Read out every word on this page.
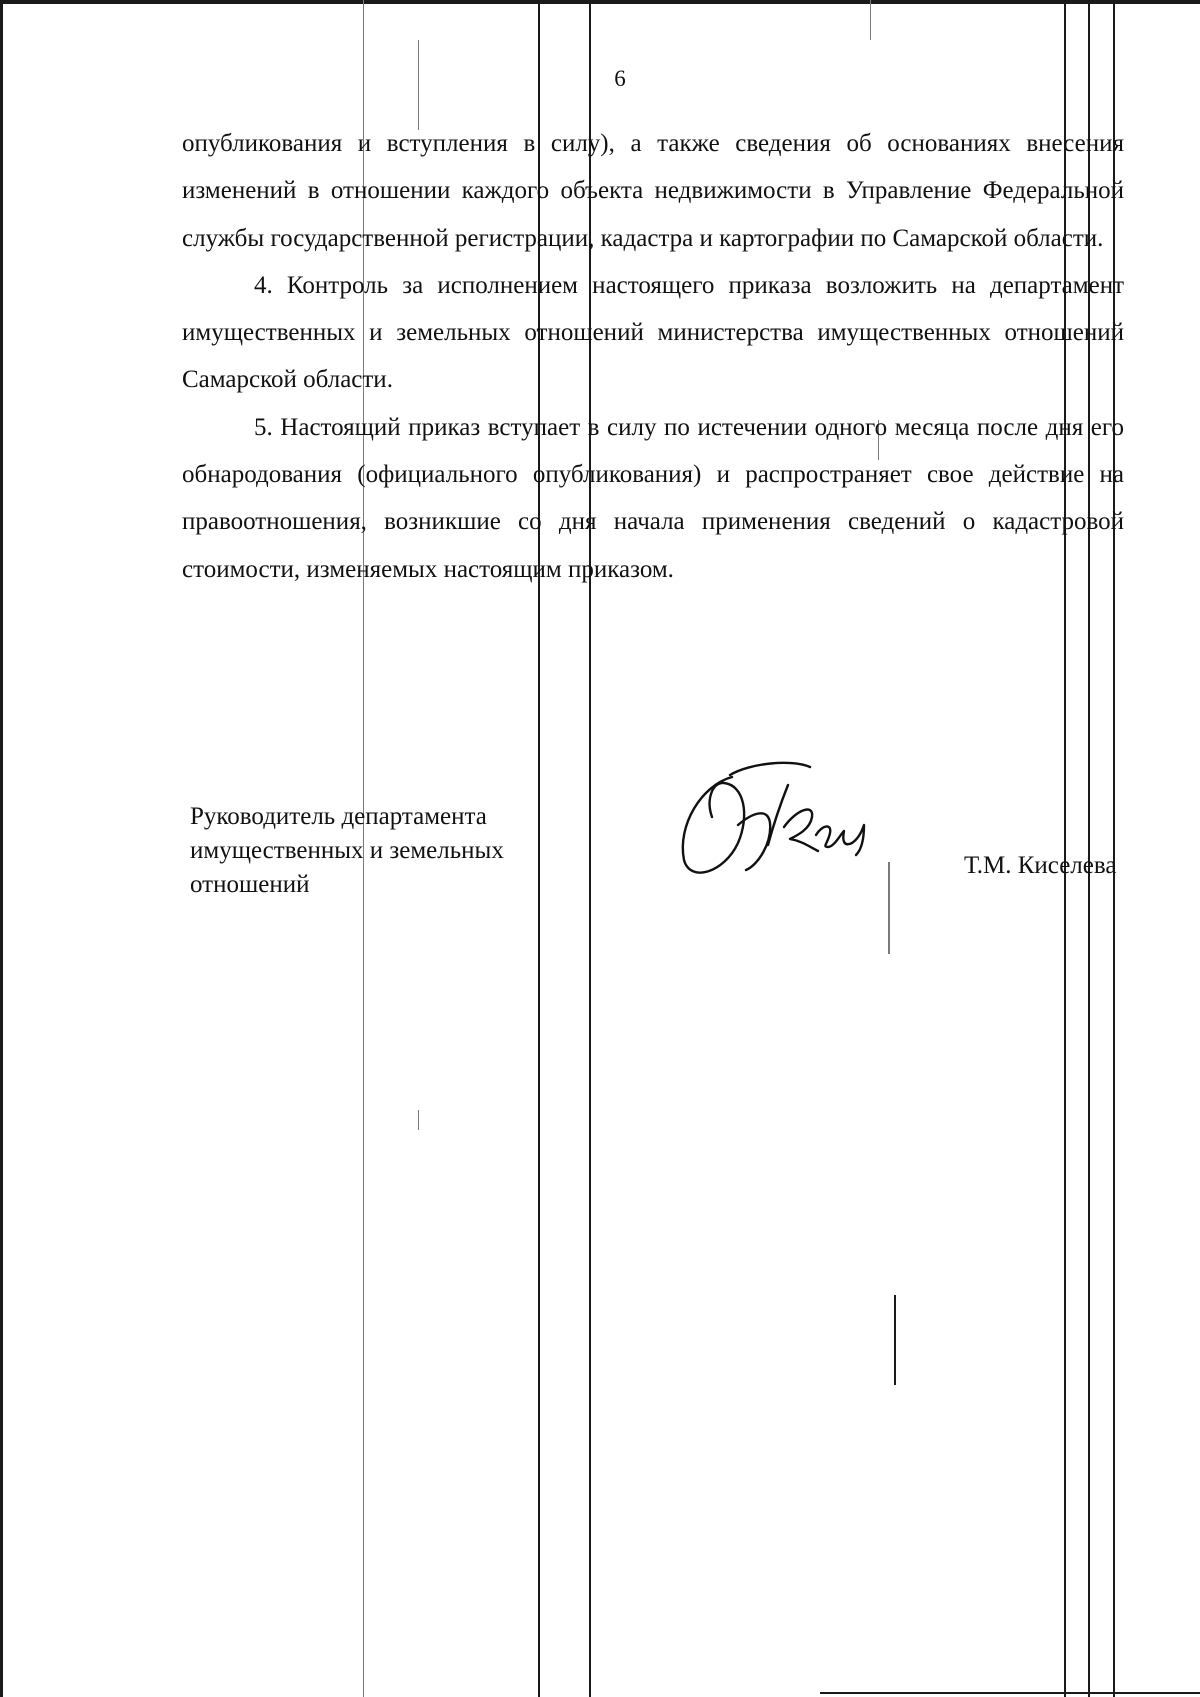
6

опубликования и вступления в силу), а также сведения об основаниях внесения изменений в отношении каждого объекта недвижимости в Управление Федеральной службы государственной регистрации, кадастра и картографии по Самарской области.

4. Контроль за исполнением настоящего приказа возложить на департамент имущественных и земельных отношений министерства имущественных отношений Самарской области.

5. Настоящий приказ вступает в силу по истечении одного месяца после дня его обнародования (официального опубликования) и распространяет свое действие на правоотношения, возникшие со дня начала применения сведений о кадастровой стоимости, изменяемых настоящим приказом.

Руководитель департамента
имущественных и земельных
отношений
Т.М. Киселева
